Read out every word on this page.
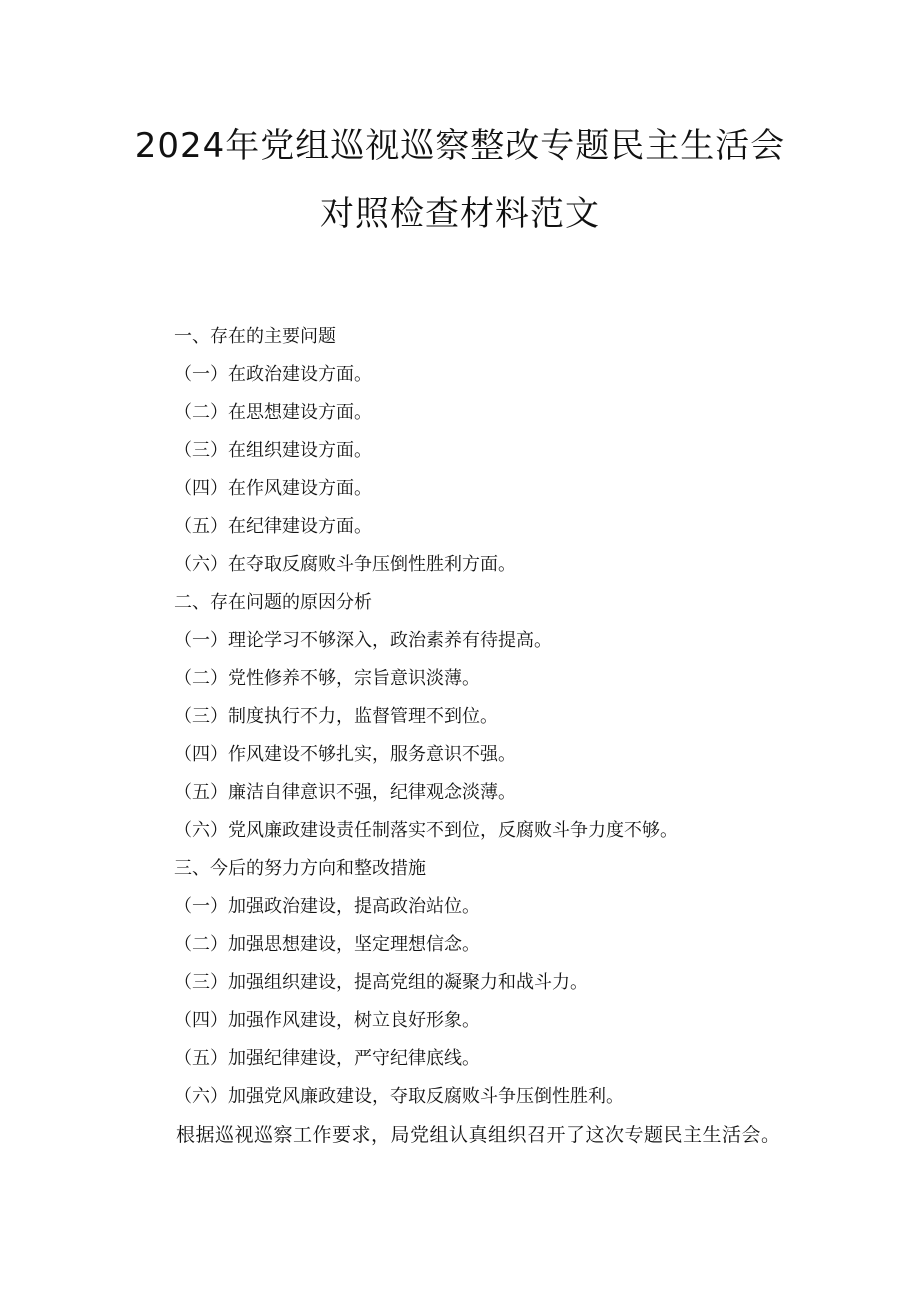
2024年党组巡视巡察整改专题民主生活会
对照检查材料范文

一、存在的主要问题

（一）在政治建设方面。

（二）在思想建设方面。

（三）在组织建设方面。

（四）在作风建设方面。

（五）在纪律建设方面。

（六）在夺取反腐败斗争压倒性胜利方面。

二、存在问题的原因分析

（一）理论学习不够深入，政治素养有待提高。

（二）党性修养不够，宗旨意识淡薄。

（三）制度执行不力，监督管理不到位。

（四）作风建设不够扎实，服务意识不强。

（五）廉洁自律意识不强，纪律观念淡薄。

（六）党风廉政建设责任制落实不到位，反腐败斗争力度不够。

三、今后的努力方向和整改措施

（一）加强政治建设，提高政治站位。

（二）加强思想建设，坚定理想信念。

（三）加强组织建设，提高党组的凝聚力和战斗力。

（四）加强作风建设，树立良好形象。

（五）加强纪律建设，严守纪律底线。

（六）加强党风廉政建设，夺取反腐败斗争压倒性胜利。

根据巡视巡察工作要求，局党组认真组织召开了这次专题民主生活会。
